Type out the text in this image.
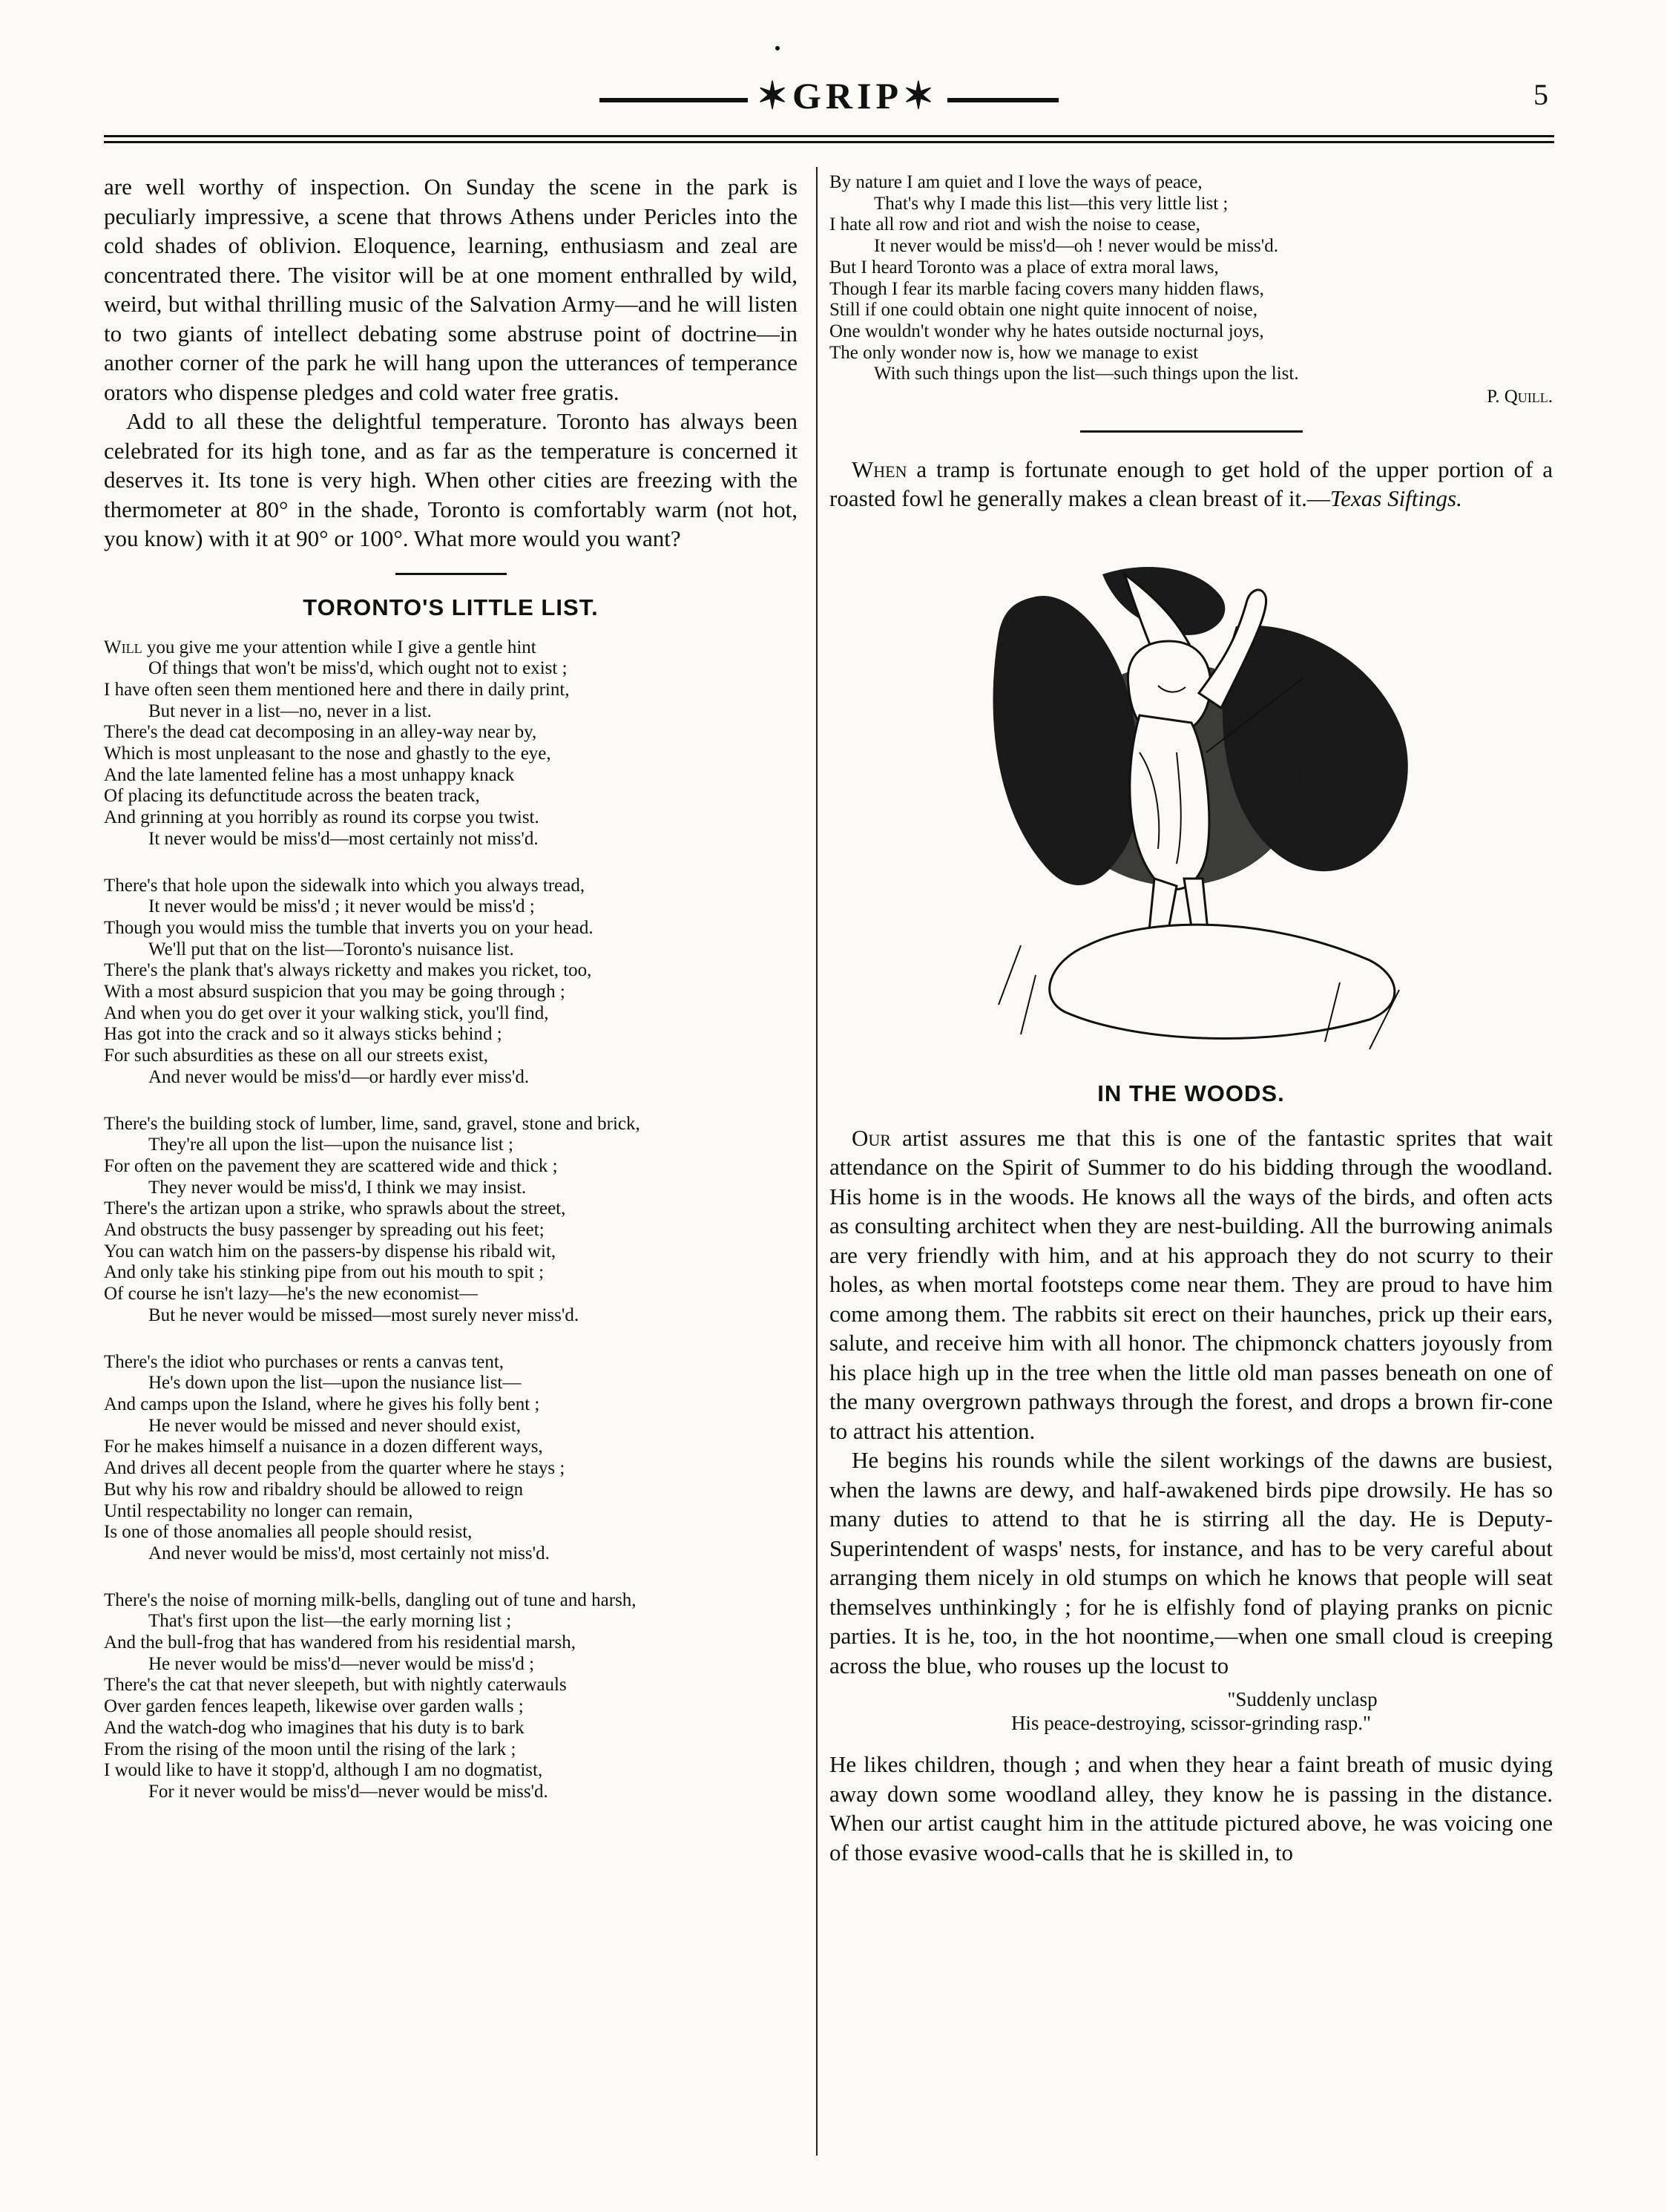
✶GRIP✶	5

are well worthy of inspection. On Sunday the scene in the park is peculiarly impressive, a scene that throws Athens under Pericles into the cold shades of oblivion. Eloquence, learning, enthusiasm and zeal are concentrated there. The visitor will be at one moment enthralled by wild, weird, but withal thrilling music of the Salvation Army—and he will listen to two giants of intellect debating some abstruse point of doctrine—in another corner of the park he will hang upon the utterances of temperance orators who dispense pledges and cold water free gratis.

Add to all these the delightful temperature. Toronto has always been celebrated for its high tone, and as far as the temperature is concerned it deserves it. Its tone is very high. When other cities are freezing with the thermometer at 80° in the shade, Toronto is comfortably warm (not hot, you know) with it at 90° or 100°. What more would you want?

TORONTO'S LITTLE LIST.
Will you give me your attention while I give a gentle hint
Of things that won't be miss'd, which ought not to exist ;
I have often seen them mentioned here and there in daily print,
But never in a list—no, never in a list.
There's the dead cat decomposing in an alley-way near by,
Which is most unpleasant to the nose and ghastly to the eye,
And the late lamented feline has a most unhappy knack
Of placing its defunctitude across the beaten track,
And grinning at you horribly as round its corpse you twist.
It never would be miss'd—most certainly not miss'd.
There's that hole upon the sidewalk into which you always tread,
It never would be miss'd ; it never would be miss'd ;
Though you would miss the tumble that inverts you on your head.
We'll put that on the list—Toronto's nuisance list.
There's the plank that's always ricketty and makes you ricket, too,
With a most absurd suspicion that you may be going through ;
And when you do get over it your walking stick, you'll find,
Has got into the crack and so it always sticks behind ;
For such absurdities as these on all our streets exist,
And never would be miss'd—or hardly ever miss'd.
There's the building stock of lumber, lime, sand, gravel, stone and brick,
They're all upon the list—upon the nuisance list ;
For often on the pavement they are scattered wide and thick ;
They never would be miss'd, I think we may insist.
There's the artizan upon a strike, who sprawls about the street,
And obstructs the busy passenger by spreading out his feet;
You can watch him on the passers-by dispense his ribald wit,
And only take his stinking pipe from out his mouth to spit ;
Of course he isn't lazy—he's the new economist—
But he never would be missed—most surely never miss'd.
There's the idiot who purchases or rents a canvas tent,
He's down upon the list—upon the nusiance list—
And camps upon the Island, where he gives his folly bent ;
He never would be missed and never should exist,
For he makes himself a nuisance in a dozen different ways,
And drives all decent people from the quarter where he stays ;
But why his row and ribaldry should be allowed to reign
Until respectability no longer can remain,
Is one of those anomalies all people should resist,
And never would be miss'd, most certainly not miss'd.
There's the noise of morning milk-bells, dangling out of tune and harsh,
That's first upon the list—the early morning list ;
And the bull-frog that has wandered from his residential marsh,
He never would be miss'd—never would be miss'd ;
There's the cat that never sleepeth, but with nightly caterwauls
Over garden fences leapeth, likewise over garden walls ;
And the watch-dog who imagines that his duty is to bark
From the rising of the moon until the rising of the lark ;
I would like to have it stopp'd, although I am no dogmatist,
For it never would be miss'd—never would be miss'd.
By nature I am quiet and I love the ways of peace,
That's why I made this list—this very little list ;
I hate all row and riot and wish the noise to cease,
It never would be miss'd—oh ! never would be miss'd.
But I heard Toronto was a place of extra moral laws,
Though I fear its marble facing covers many hidden flaws,
Still if one could obtain one night quite innocent of noise,
One wouldn't wonder why he hates outside nocturnal joys,
The only wonder now is, how we manage to exist
With such things upon the list—such things upon the list.
P. Quill.

When a tramp is fortunate enough to get hold of the upper portion of a roasted fowl he generally makes a clean breast of it.—Texas Siftings.

IN THE WOODS.

Our artist assures me that this is one of the fantastic sprites that wait attendance on the Spirit of Summer to do his bidding through the woodland. His home is in the woods. He knows all the ways of the birds, and often acts as consulting architect when they are nest-building. All the burrowing animals are very friendly with him, and at his approach they do not scurry to their holes, as when mortal footsteps come near them. They are proud to have him come among them. The rabbits sit erect on their haunches, prick up their ears, salute, and receive him with all honor. The chipmonck chatters joyously from his place high up in the tree when the little old man passes beneath on one of the many overgrown pathways through the forest, and drops a brown fir-cone to attract his attention.

He begins his rounds while the silent workings of the dawns are busiest, when the lawns are dewy, and half-awakened birds pipe drowsily. He has so many duties to attend to that he is stirring all the day. He is Deputy-Superintendent of wasps' nests, for instance, and has to be very careful about arranging them nicely in old stumps on which he knows that people will seat themselves unthinkingly ; for he is elfishly fond of playing pranks on picnic parties. It is he, too, in the hot noontime,—when one small cloud is creeping across the blue, who rouses up the locust to

"Suddenly unclasp
His peace-destroying, scissor-grinding rasp."

He likes children, though ; and when they hear a faint breath of music dying away down some woodland alley, they know he is passing in the distance. When our artist caught him in the attitude pictured above, he was voicing one of those evasive wood-calls that he is skilled in, to
